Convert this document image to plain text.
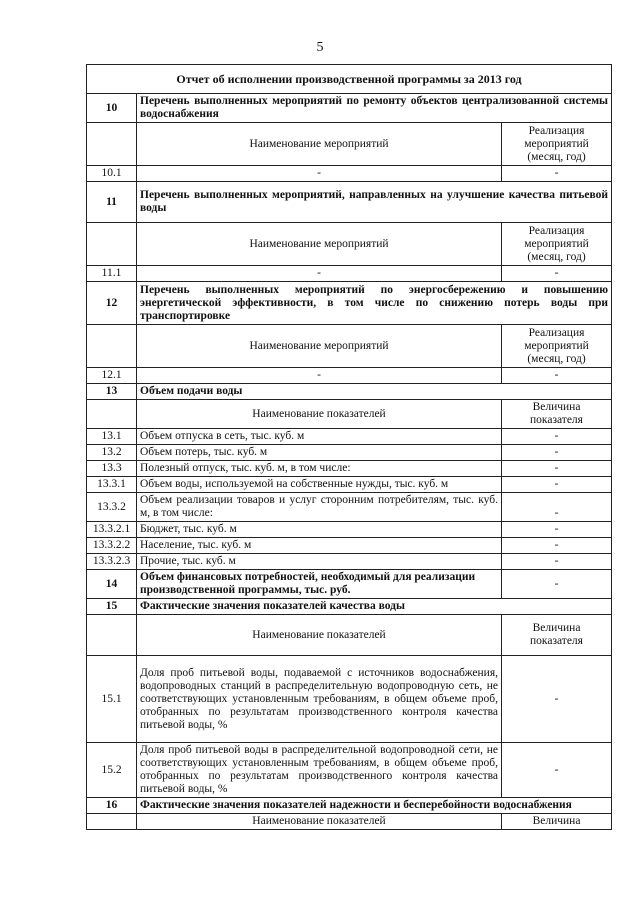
5
Отчет об исполнении производственной программы за 2013 год		
10	Перечень выполненных мероприятий по ремонту объектов централизованной системы водоснабжения	
	Наименование мероприятий	Реализация мероприятий (месяц, год)
10.1	-	-
11	Перечень выполненных мероприятий, направленных на улучшение качества питьевой воды	
	Наименование мероприятий	Реализация мероприятий (месяц, год)
11.1	-	-
12	Перечень выполненных мероприятий по энергосбережению и повышению энергетической эффективности, в том числе по снижению потерь воды при транспортировке	
	Наименование мероприятий	Реализация мероприятий (месяц, год)
12.1	-	-
13	Объем подачи воды	
	Наименование показателей	Величина показателя
13.1	Объем отпуска в сеть, тыс. куб. м	-
13.2	Объем потерь, тыс. куб. м	-
13.3	Полезный отпуск, тыс. куб. м, в том числе:	-
13.3.1	Объем воды, используемой на собственные нужды, тыс. куб. м	-
13.3.2	Объем реализации товаров и услуг сторонним потребителям, тыс. куб. м, в том числе:	-
13.3.2.1	Бюджет, тыс. куб. м	-
13.3.2.2	Население, тыс. куб. м	-
13.3.2.3	Прочие, тыс. куб. м	-
14	Объем финансовых потребностей, необходимый для реализации производственной программы, тыс. руб.	-
15	Фактические значения показателей качества воды	
	Наименование показателей	Величина показателя
15.1	Доля проб питьевой воды, подаваемой с источников водоснабжения, водопроводных станций в распределительную водопроводную сеть, не соответствующих установленным требованиям, в общем объеме проб, отобранных по результатам производственного контроля качества питьевой воды, %	-
15.2	Доля проб питьевой воды в распределительной водопроводной сети, не соответствующих установленным требованиям, в общем объеме проб, отобранных по результатам производственного контроля качества питьевой воды, %	-
16	Фактические значения показателей надежности и бесперебойности водоснабжения	
	Наименование показателей	Величина
